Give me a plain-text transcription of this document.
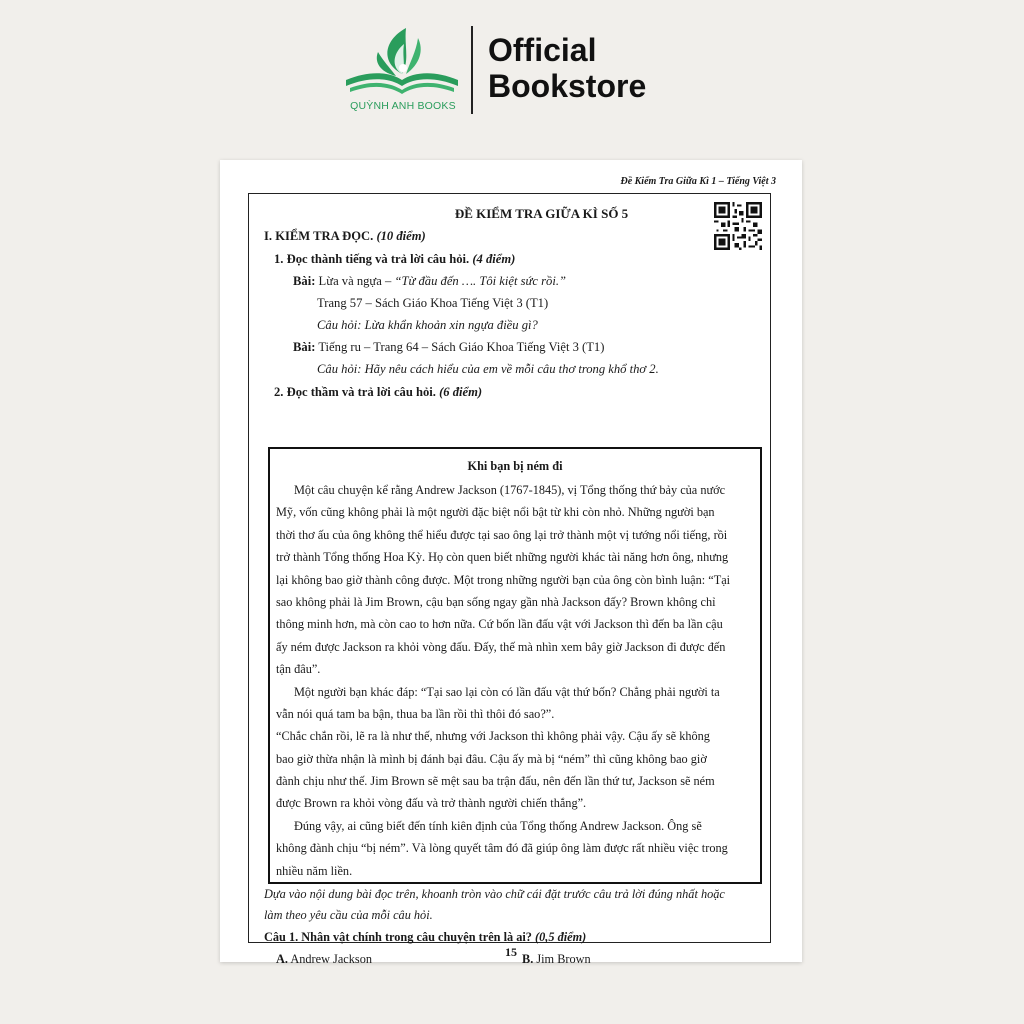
QUỲNH ANH BOOKS
Official
Bookstore
Đề Kiểm Tra Giữa Kì 1 – Tiếng Việt 3
ĐỀ KIỂM TRA GIỮA KÌ SỐ 5
I. KIỂM TRA ĐỌC. (10 điểm)
1. Đọc thành tiếng và trả lời câu hỏi. (4 điểm)
Bài: Lừa và ngựa – “Từ đầu đến …. Tôi kiệt sức rồi.”
Trang 57 – Sách Giáo Khoa Tiếng Việt 3 (T1)
Câu hỏi: Lừa khẩn khoản xin ngựa điều gì?
Bài: Tiếng ru – Trang 64 – Sách Giáo Khoa Tiếng Việt 3 (T1)
Câu hỏi: Hãy nêu cách hiểu của em về mỗi câu thơ trong khổ thơ 2.
2. Đọc thầm và trả lời câu hỏi. (6 điểm)
Khi bạn bị ném đi
Một câu chuyện kể rằng Andrew Jackson (1767-1845), vị Tổng thống thứ bảy của nước
Mỹ, vốn cũng không phải là một người đặc biệt nổi bật từ khi còn nhỏ. Những người bạn
thời thơ ấu của ông không thể hiểu được tại sao ông lại trở thành một vị tướng nổi tiếng, rồi
trở thành Tổng thống Hoa Kỳ. Họ còn quen biết những người khác tài năng hơn ông, nhưng
lại không bao giờ thành công được. Một trong những người bạn của ông còn bình luận: “Tại
sao không phải là Jim Brown, cậu bạn sống ngay gần nhà Jackson đấy? Brown không chỉ
thông minh hơn, mà còn cao to hơn nữa. Cứ bốn lần đấu vật với Jackson thì đến ba lần cậu
ấy ném được Jackson ra khỏi vòng đấu. Đấy, thế mà nhìn xem bây giờ Jackson đi được đến
tận đâu”.
Một người bạn khác đáp: “Tại sao lại còn có lần đấu vật thứ bốn? Chẳng phải người ta
vẫn nói quá tam ba bận, thua ba lần rồi thì thôi đó sao?”.
“Chắc chắn rồi, lẽ ra là như thế, nhưng với Jackson thì không phải vậy. Cậu ấy sẽ không
bao giờ thừa nhận là mình bị đánh bại đâu. Cậu ấy mà bị “ném” thì cũng không bao giờ
đành chịu như thế. Jim Brown sẽ mệt sau ba trận đấu, nên đến lần thứ tư, Jackson sẽ ném
được Brown ra khỏi vòng đấu và trở thành người chiến thắng”.
Đúng vậy, ai cũng biết đến tính kiên định của Tổng thống Andrew Jackson. Ông sẽ
không đành chịu “bị ném”. Và lòng quyết tâm đó đã giúp ông làm được rất nhiều việc trong
nhiều năm liền.
Dựa vào nội dung bài đọc trên, khoanh tròn vào chữ cái đặt trước câu trả lời đúng nhất hoặc
làm theo yêu cầu của mỗi câu hỏi.
Câu 1. Nhân vật chính trong câu chuyện trên là ai? (0,5 điểm)
A. Andrew Jackson	B. Jim Brown
15
